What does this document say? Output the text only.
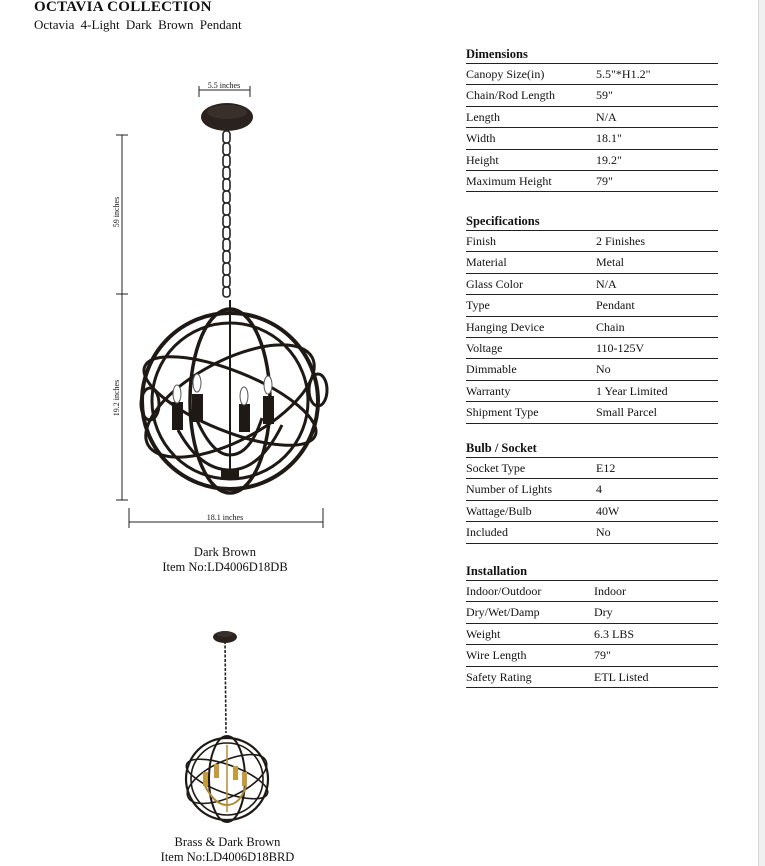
OCTAVIA COLLECTION
Octavia 4-Light Dark Brown Pendant
5.5 inches
59 inches
19.2 inches
18.1 inches
Dark Brown
Item No:LD4006D18DB
Brass & Dark Brown
Item No:LD4006D18BRD
Dimensions
Canopy Size(in)	5.5"*H1.2"
Chain/Rod Length	59"
Length	N/A
Width	18.1"
Height	19.2"
Maximum Height	79"
Specifications
Finish	2 Finishes
Material	Metal
Glass Color	N/A
Type	Pendant
Hanging Device	Chain
Voltage	110-125V
Dimmable	No
Warranty	1 Year Limited
Shipment Type	Small Parcel
Bulb / Socket
Socket Type	E12
Number of Lights	4
Wattage/Bulb	40W
Included	No
Installation
Indoor/Outdoor	Indoor
Dry/Wet/Damp	Dry
Weight	6.3 LBS
Wire Length	79"
Safety Rating	ETL Listed
